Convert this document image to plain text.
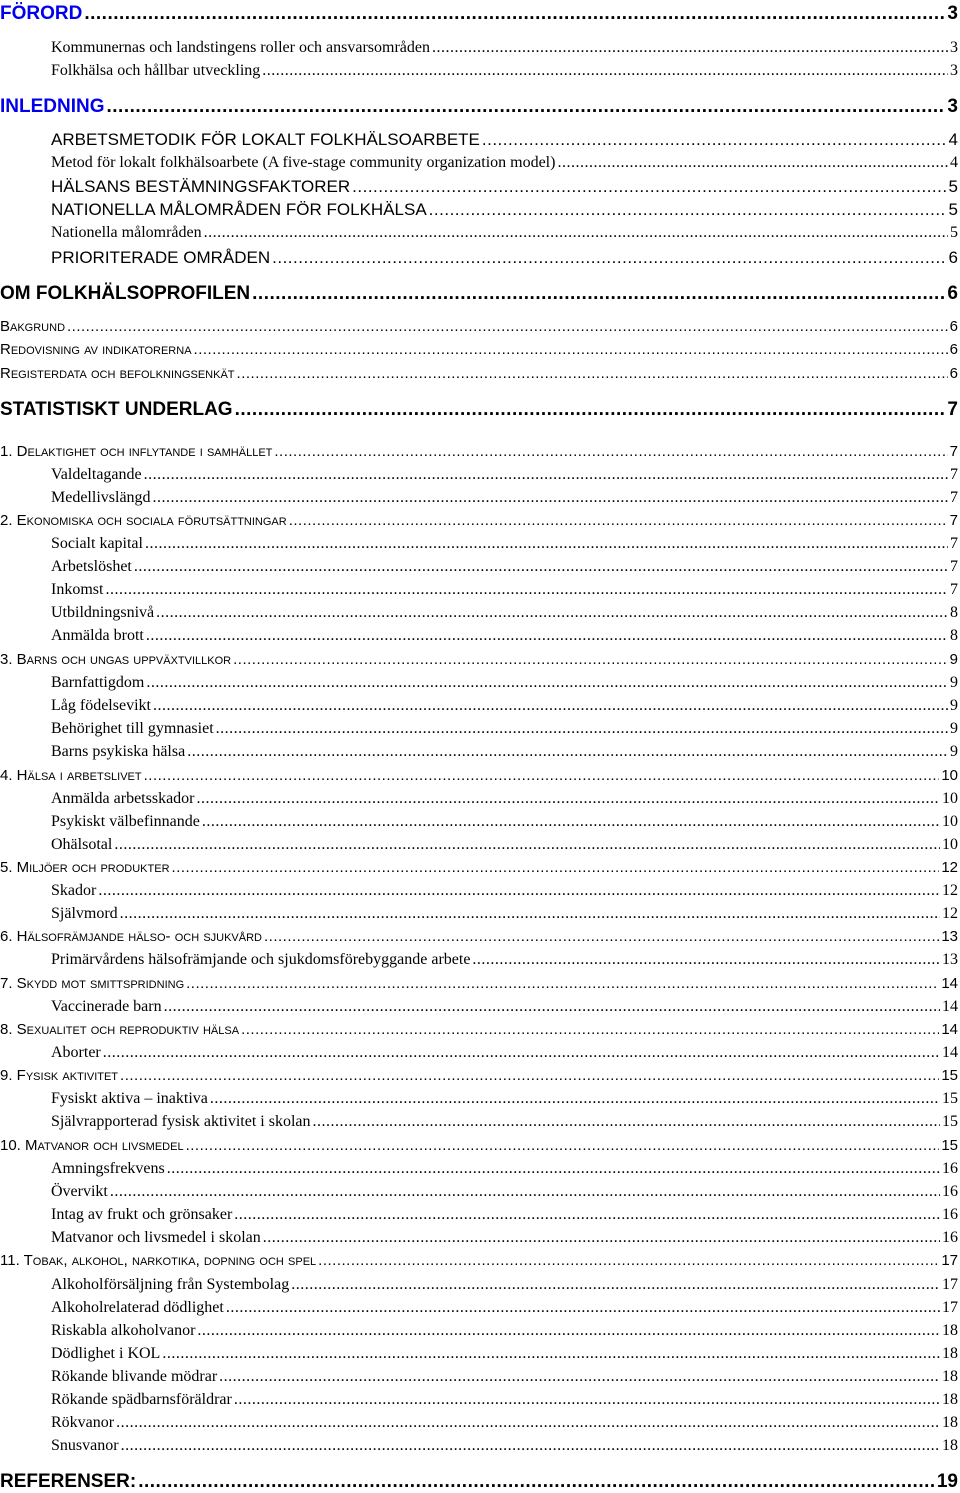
FÖRORD .....	3
Kommunernas och landstingens roller och ansvarsområden .....	3
Folkhälsa och hållbar utveckling .....	3
INLEDNING .....	3
ARBETSMETODIK FÖR LOKALT FOLKHÄLSOARBETE .....	4
Metod för lokalt folkhälsoarbete (A five-stage community organization model) .....	4
HÄLSANS BESTÄMNINGSFAKTORER .....	5
NATIONELLA MÅLOMRÅDEN FÖR FOLKHÄLSA .....	5
Nationella målområden .....	5
PRIORITERADE OMRÅDEN .....	6
OM FOLKHÄLSOPROFILEN .....	6
Bakgrund .....	6
Redovisning av indikatorerna .....	6
Registerdata och befolkningsenkät .....	6
STATISTISKT UNDERLAG .....	7
1. Delaktighet och inflytande i samhället .....	7
Valdeltagande .....	7
Medellivslängd .....	7
2. Ekonomiska och sociala förutsättningar .....	7
Socialt kapital .....	7
Arbetslöshet .....	7
Inkomst .....	7
Utbildningsnivå .....	8
Anmälda brott .....	8
3. Barns och ungas uppväxtvillkor .....	9
Barnfattigdom .....	9
Låg födelsevikt .....	9
Behörighet till gymnasiet .....	9
Barns psykiska hälsa .....	9
4. Hälsa i arbetslivet .....	10
Anmälda arbetsskador .....	10
Psykiskt välbefinnande .....	10
Ohälsotal .....	10
5. Miljöer och produkter .....	12
Skador .....	12
Självmord .....	12
6. Hälsofrämjande hälso- och sjukvård .....	13
Primärvårdens hälsofrämjande och sjukdomsförebyggande arbete .....	13
7. Skydd mot smittspridning .....	14
Vaccinerade barn .....	14
8. Sexualitet och reproduktiv hälsa .....	14
Aborter .....	14
9. Fysisk aktivitet .....	15
Fysiskt aktiva – inaktiva .....	15
Självrapporterad fysisk aktivitet i skolan .....	15
10. Matvanor och livsmedel .....	15
Amningsfrekvens .....	16
Övervikt .....	16
Intag av frukt och grönsaker .....	16
Matvanor och livsmedel i skolan .....	16
11. Tobak, alkohol, narkotika, dopning och spel .....	17
Alkoholförsäljning från Systembolag .....	17
Alkoholrelaterad dödlighet .....	17
Riskabla alkoholvanor .....	18
Dödlighet i KOL .....	18
Rökande blivande mödrar .....	18
Rökande spädbarnsföräldrar .....	18
Rökvanor .....	18
Snusvanor .....	18
REFERENSER: .....	19
